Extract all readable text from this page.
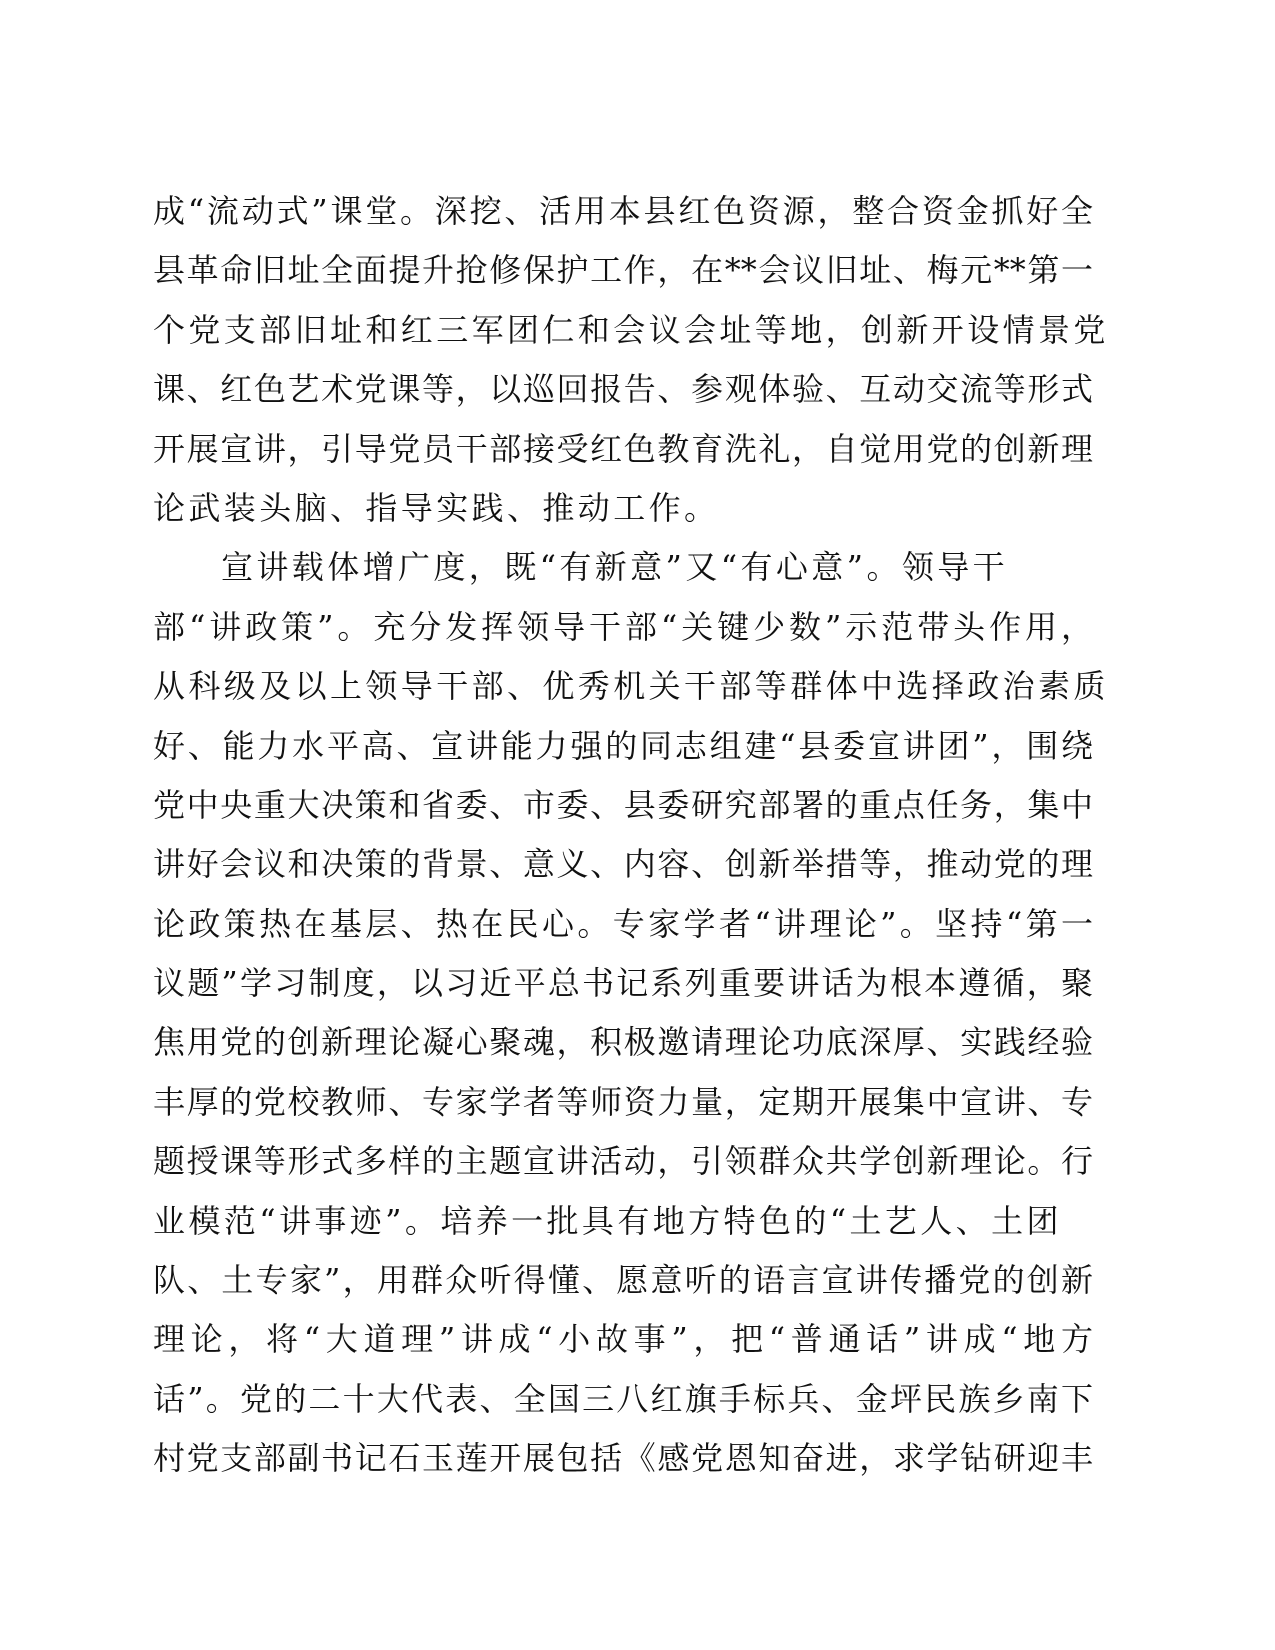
成“流动式”课堂。深挖、活用本县红色资源，整合资金抓好全
县革命旧址全面提升抢修保护工作，在**会议旧址、梅元**第一
个党支部旧址和红三军团仁和会议会址等地，创新开设情景党
课、红色艺术党课等，以巡回报告、参观体验、互动交流等形式
开展宣讲，引导党员干部接受红色教育洗礼，自觉用党的创新理
论武装头脑、指导实践、推动工作。
宣讲载体增广度，既“有新意”又“有心意”。领导干
部“讲政策”。充分发挥领导干部“关键少数”示范带头作用，
从科级及以上领导干部、优秀机关干部等群体中选择政治素质
好、能力水平高、宣讲能力强的同志组建“县委宣讲团”，围绕
党中央重大决策和省委、市委、县委研究部署的重点任务，集中
讲好会议和决策的背景、意义、内容、创新举措等，推动党的理
论政策热在基层、热在民心。专家学者“讲理论”。坚持“第一
议题”学习制度，以习近平总书记系列重要讲话为根本遵循，聚
焦用党的创新理论凝心聚魂，积极邀请理论功底深厚、实践经验
丰厚的党校教师、专家学者等师资力量，定期开展集中宣讲、专
题授课等形式多样的主题宣讲活动，引领群众共学创新理论。行
业模范“讲事迹”。培养一批具有地方特色的“土艺人、土团
队、土专家”，用群众听得懂、愿意听的语言宣讲传播党的创新
理论，将“大道理”讲成“小故事”，把“普通话”讲成“地方
话”。党的二十大代表、全国三八红旗手标兵、金坪民族乡南下
村党支部副书记石玉莲开展包括《感党恩知奋进，求学钻研迎丰
